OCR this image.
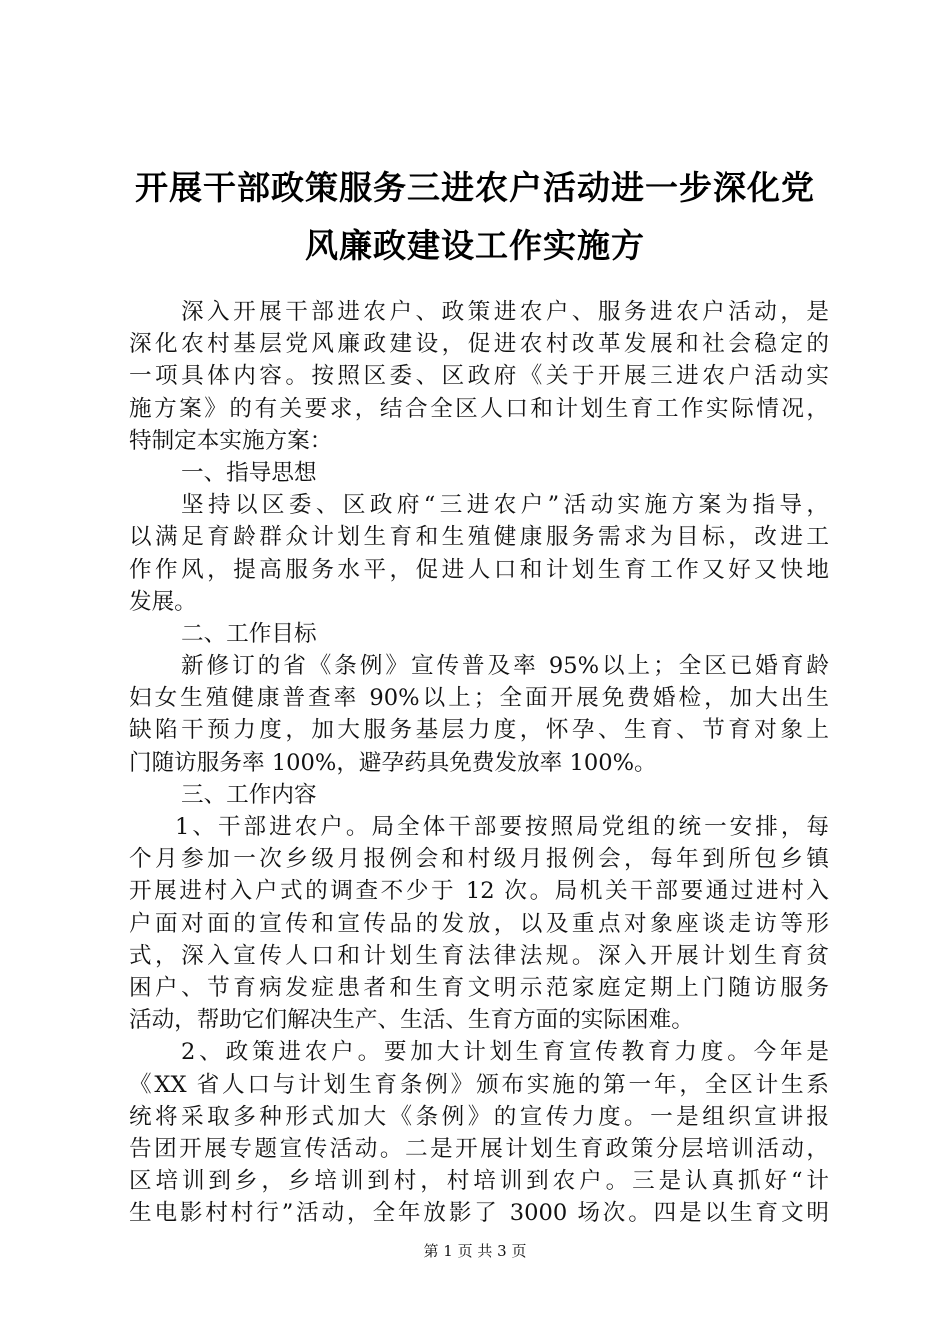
开展干部政策服务三进农户活动进一步深化党
风廉政建设工作实施方
深入开展干部进农户、政策进农户、服务进农户活动，是
深化农村基层党风廉政建设，促进农村改革发展和社会稳定的
一项具体内容。按照区委、区政府《关于开展三进农户活动实
施方案》的有关要求，结合全区人口和计划生育工作实际情况，
特制定本实施方案：
一、指导思想
坚持以区委、区政府“三进农户”活动实施方案为指导，
以满足育龄群众计划生育和生殖健康服务需求为目标，改进工
作作风，提高服务水平，促进人口和计划生育工作又好又快地
发展。
二、工作目标
新修订的省《条例》宣传普及率 95%以上；全区已婚育龄
妇女生殖健康普查率 90%以上；全面开展免费婚检，加大出生
缺陷干预力度，加大服务基层力度，怀孕、生育、节育对象上
门随访服务率 100%，避孕药具免费发放率 100%。
三、工作内容
1、干部进农户。局全体干部要按照局党组的统一安排，每
个月参加一次乡级月报例会和村级月报例会，每年到所包乡镇
开展进村入户式的调查不少于 12 次。局机关干部要通过进村入
户面对面的宣传和宣传品的发放，以及重点对象座谈走访等形
式，深入宣传人口和计划生育法律法规。深入开展计划生育贫
困户、节育病发症患者和生育文明示范家庭定期上门随访服务
活动，帮助它们解决生产、生活、生育方面的实际困难。
2、政策进农户。要加大计划生育宣传教育力度。今年是
《XX 省人口与计划生育条例》颁布实施的第一年，全区计生系
统将采取多种形式加大《条例》的宣传力度。一是组织宣讲报
告团开展专题宣传活动。二是开展计划生育政策分层培训活动，
区培训到乡，乡培训到村，村培训到农户。三是认真抓好“计
生电影村村行”活动，全年放影了 3000 场次。四是以生育文明
第 1 页 共 3 页
